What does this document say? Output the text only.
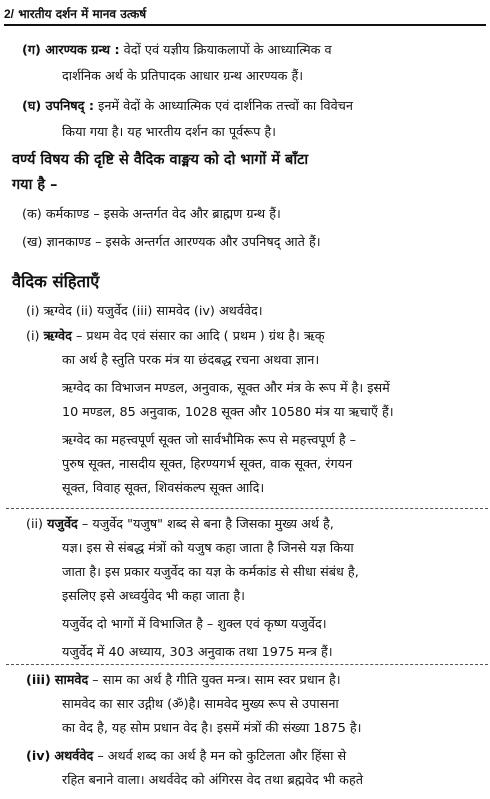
2/ भारतीय दर्शन में मानव उत्कर्ष
(ग) आरण्यक ग्रन्थ : वेदों एवं यज्ञीय क्रियाकलापों के आध्यात्मिक व
दार्शनिक अर्थ के प्रतिपादक आधार ग्रन्थ आरण्यक हैं।
(घ) उपनिषद् : इनमें वेदों के आध्यात्मिक एवं दार्शनिक तत्त्वों का विवेचन
किया गया है। यह भारतीय दर्शन का पूर्वरूप है।
वर्ण्य विषय की दृष्टि से वैदिक वाङ्मय को दो भागों में बाँटा
गया है –
(क) कर्मकाण्ड – इसके अन्तर्गत वेद और ब्राह्मण ग्रन्थ हैं।
(ख) ज्ञानकाण्ड – इसके अन्तर्गत आरण्यक और उपनिषद् आते हैं।
वैदिक संहिताएँ
(i) ऋग्वेद (ii) यजुर्वेद (iii) सामवेद (iv) अथर्ववेद।
(i) ऋग्वेद – प्रथम वेद एवं संसार का आदि ( प्रथम ) ग्रंथ है। ऋक्
का अर्थ है स्तुति परक मंत्र या छंदबद्ध रचना अथवा ज्ञान।
ऋग्वेद का विभाजन मण्डल, अनुवाक, सूक्त और मंत्र के रूप में है। इसमें
10 मण्डल, 85 अनुवाक, 1028 सूक्त और 10580 मंत्र या ऋचाएँ हैं।
ऋग्वेद का महत्त्वपूर्ण सूक्त जो सार्वभौमिक रूप से महत्त्वपूर्ण है –
पुरुष सूक्त, नासदीय सूक्त, हिरण्यगर्भ सूक्त, वाक सूक्त, रंगयन
सूक्त, विवाह सूक्त, शिवसंकल्प सूक्त आदि।
(ii) यजुर्वेद – यजुर्वेद "यजुष" शब्द से बना है जिसका मुख्य अर्थ है,
यज्ञ। इस से संबद्ध मंत्रों को यजुष कहा जाता है जिनसे यज्ञ किया
जाता है। इस प्रकार यजुर्वेद का यज्ञ के कर्मकांड से सीधा संबंध है,
इसलिए इसे अध्वर्युवेद भी कहा जाता है।
यजुर्वेद दो भागों में विभाजित है – शुक्ल एवं कृष्ण यजुर्वेद।
यजुर्वेद में 40 अध्याय, 303 अनुवाक तथा 1975 मन्त्र हैं।
(iii) सामवेद – साम का अर्थ है गीति युक्त मन्त्र। साम स्वर प्रधान है।
सामवेद का सार उद्गीथ (ॐ)है। सामवेद मुख्य रूप से उपासना
का वेद है, यह सोम प्रधान वेद है। इसमें मंत्रों की संख्या 1875 है।
(iv) अथर्ववेद – अथर्व शब्द का अर्थ है मन को कुटिलता और हिंसा से
रहित बनाने वाला। अथर्ववेद को अंगिरस वेद तथा ब्रह्मवेद भी कहते
